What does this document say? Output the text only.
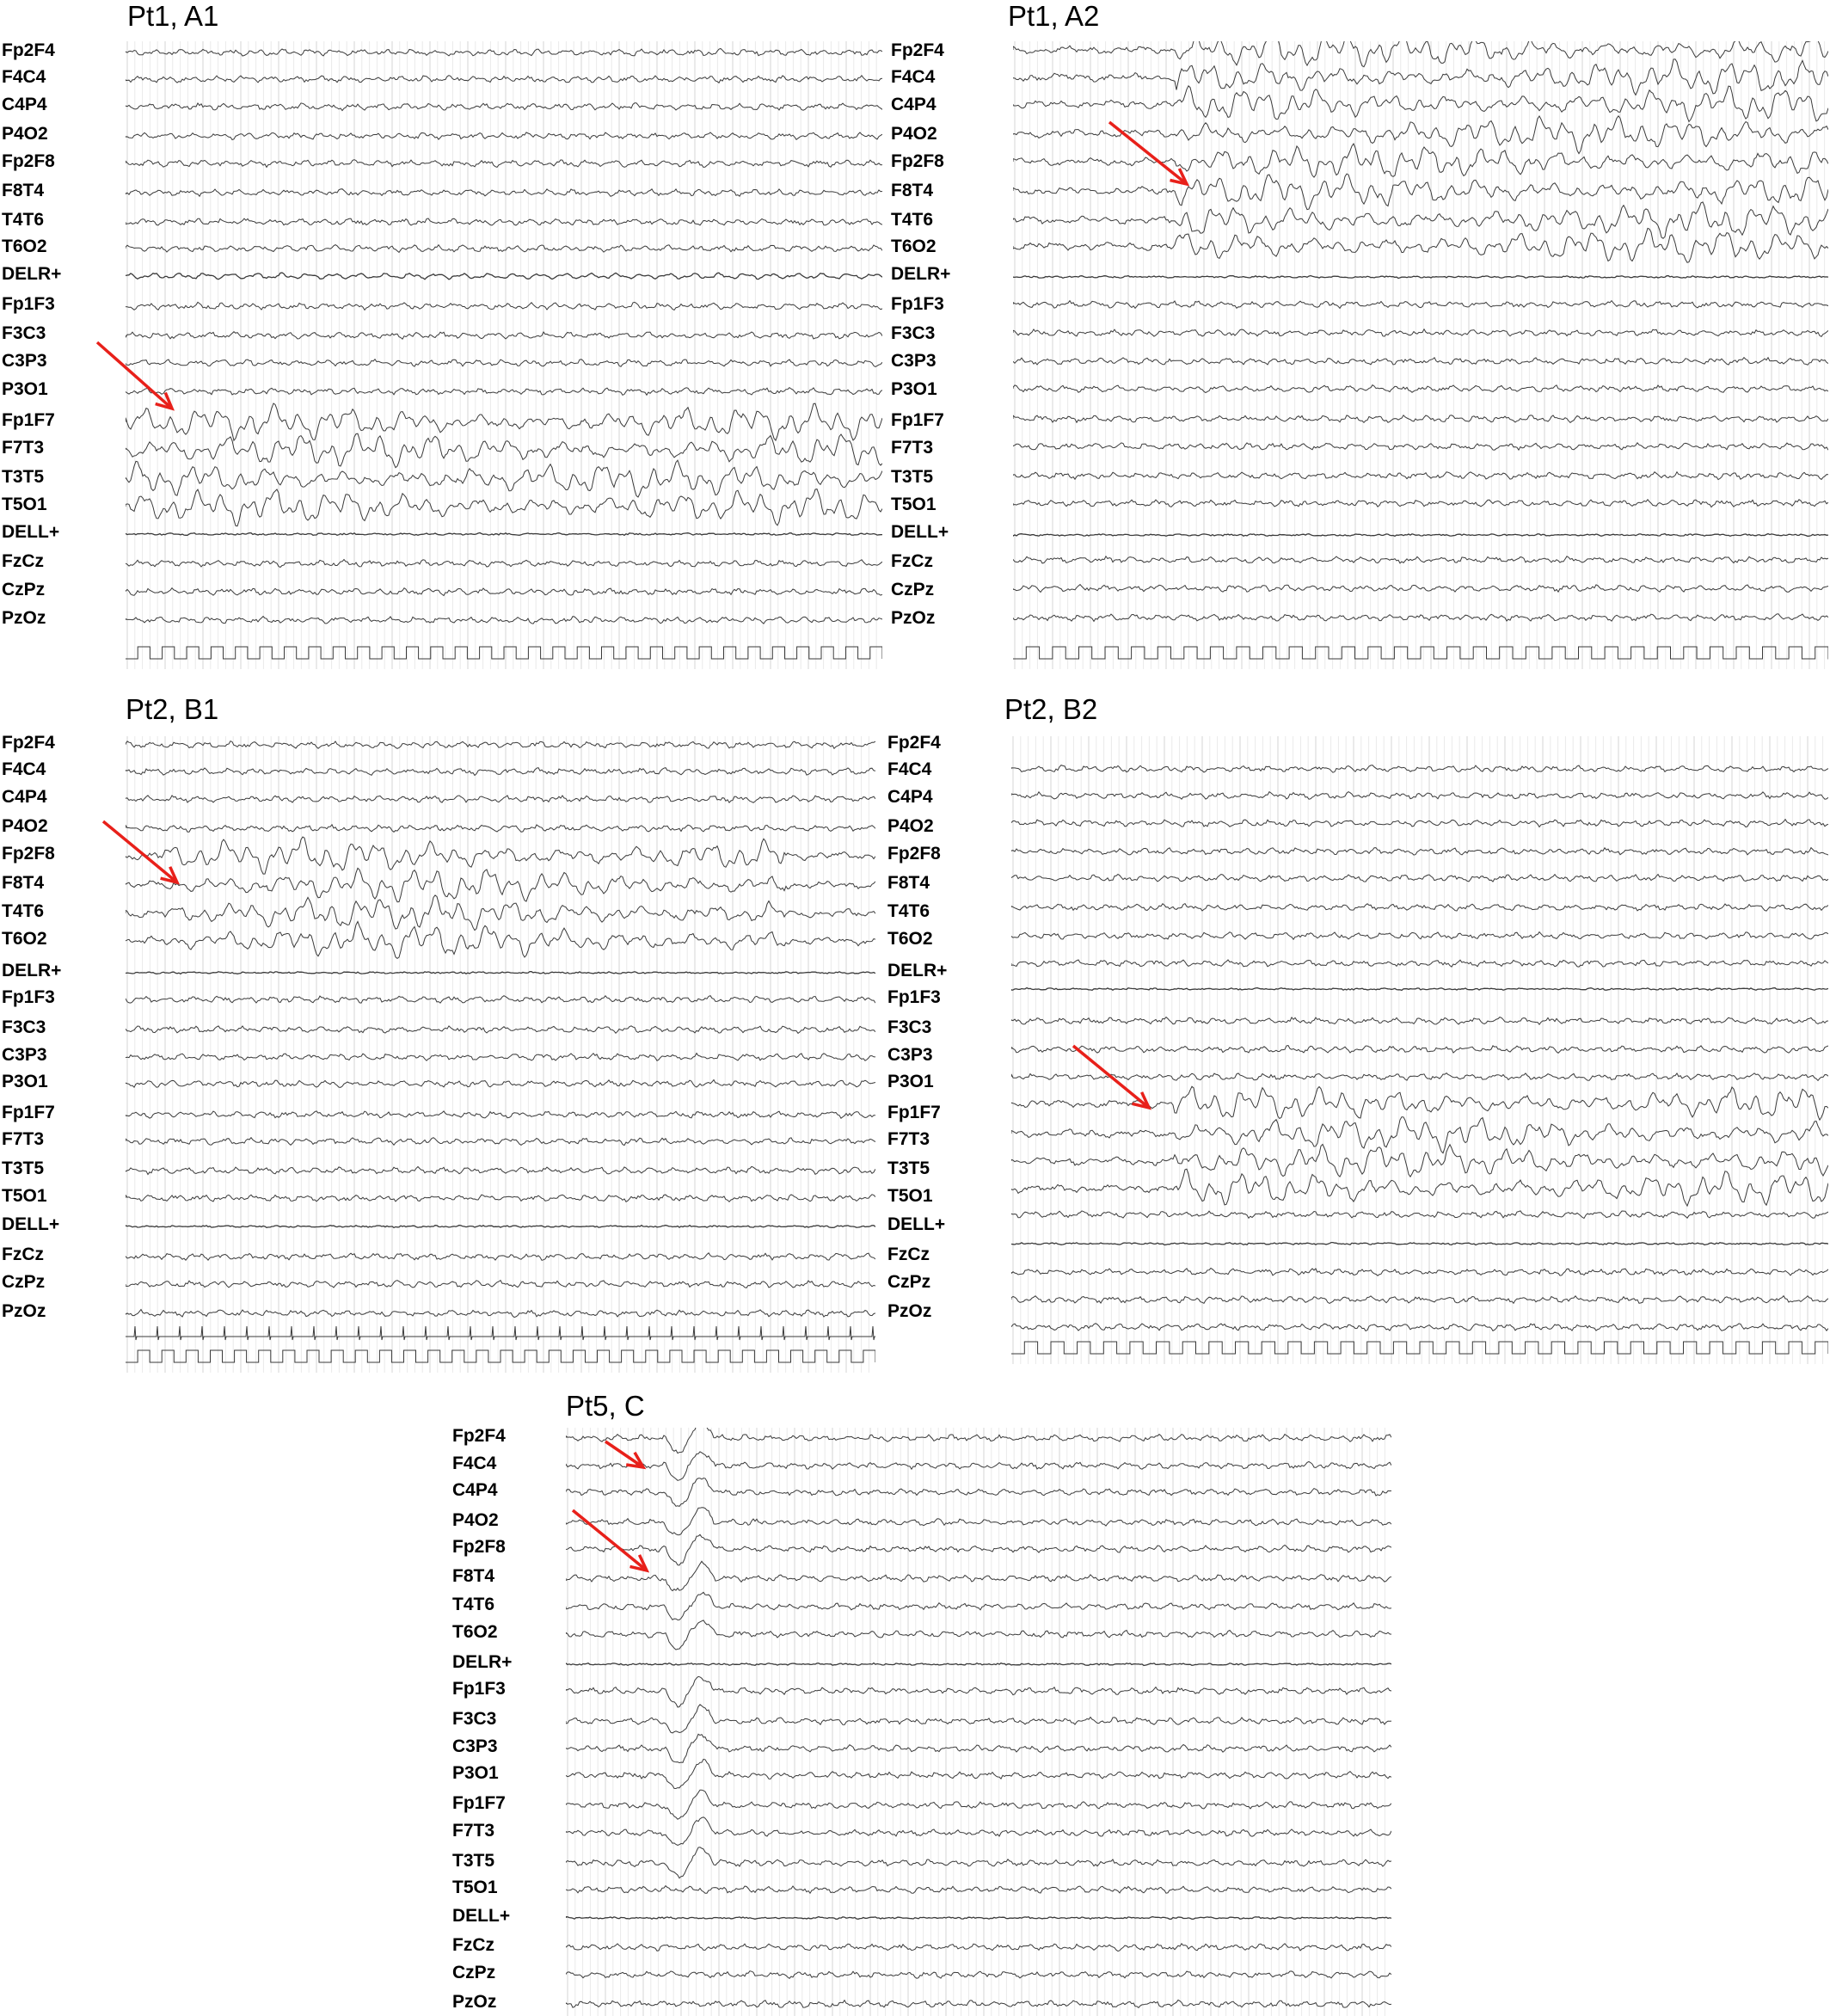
Pt1, A1
Fp2F4
F4C4
C4P4
P4O2
Fp2F8
F8T4
T4T6
T6O2
DELR+
Fp1F3
F3C3
C3P3
P3O1
Fp1F7
F7T3
T3T5
T5O1
DELL+
FzCz
CzPz
PzOz
Fp2F4
F4C4
C4P4
P4O2
Fp2F8
F8T4
T4T6
T6O2
DELR+
Fp1F3
F3C3
C3P3
P3O1
Fp1F7
F7T3
T3T5
T5O1
DELL+
FzCz
CzPz
PzOz
Pt1, A2
Pt2, B1
Fp2F4
F4C4
C4P4
P4O2
Fp2F8
F8T4
T4T6
T6O2
DELR+
Fp1F3
F3C3
C3P3
P3O1
Fp1F7
F7T3
T3T5
T5O1
DELL+
FzCz
CzPz
PzOz
Fp2F4
F4C4
C4P4
P4O2
Fp2F8
F8T4
T4T6
T6O2
DELR+
Fp1F3
F3C3
C3P3
P3O1
Fp1F7
F7T3
T3T5
T5O1
DELL+
FzCz
CzPz
PzOz
Pt2, B2
Pt5, C
Fp2F4
F4C4
C4P4
P4O2
Fp2F8
F8T4
T4T6
T6O2
DELR+
Fp1F3
F3C3
C3P3
P3O1
Fp1F7
F7T3
T3T5
T5O1
DELL+
FzCz
CzPz
PzOz
